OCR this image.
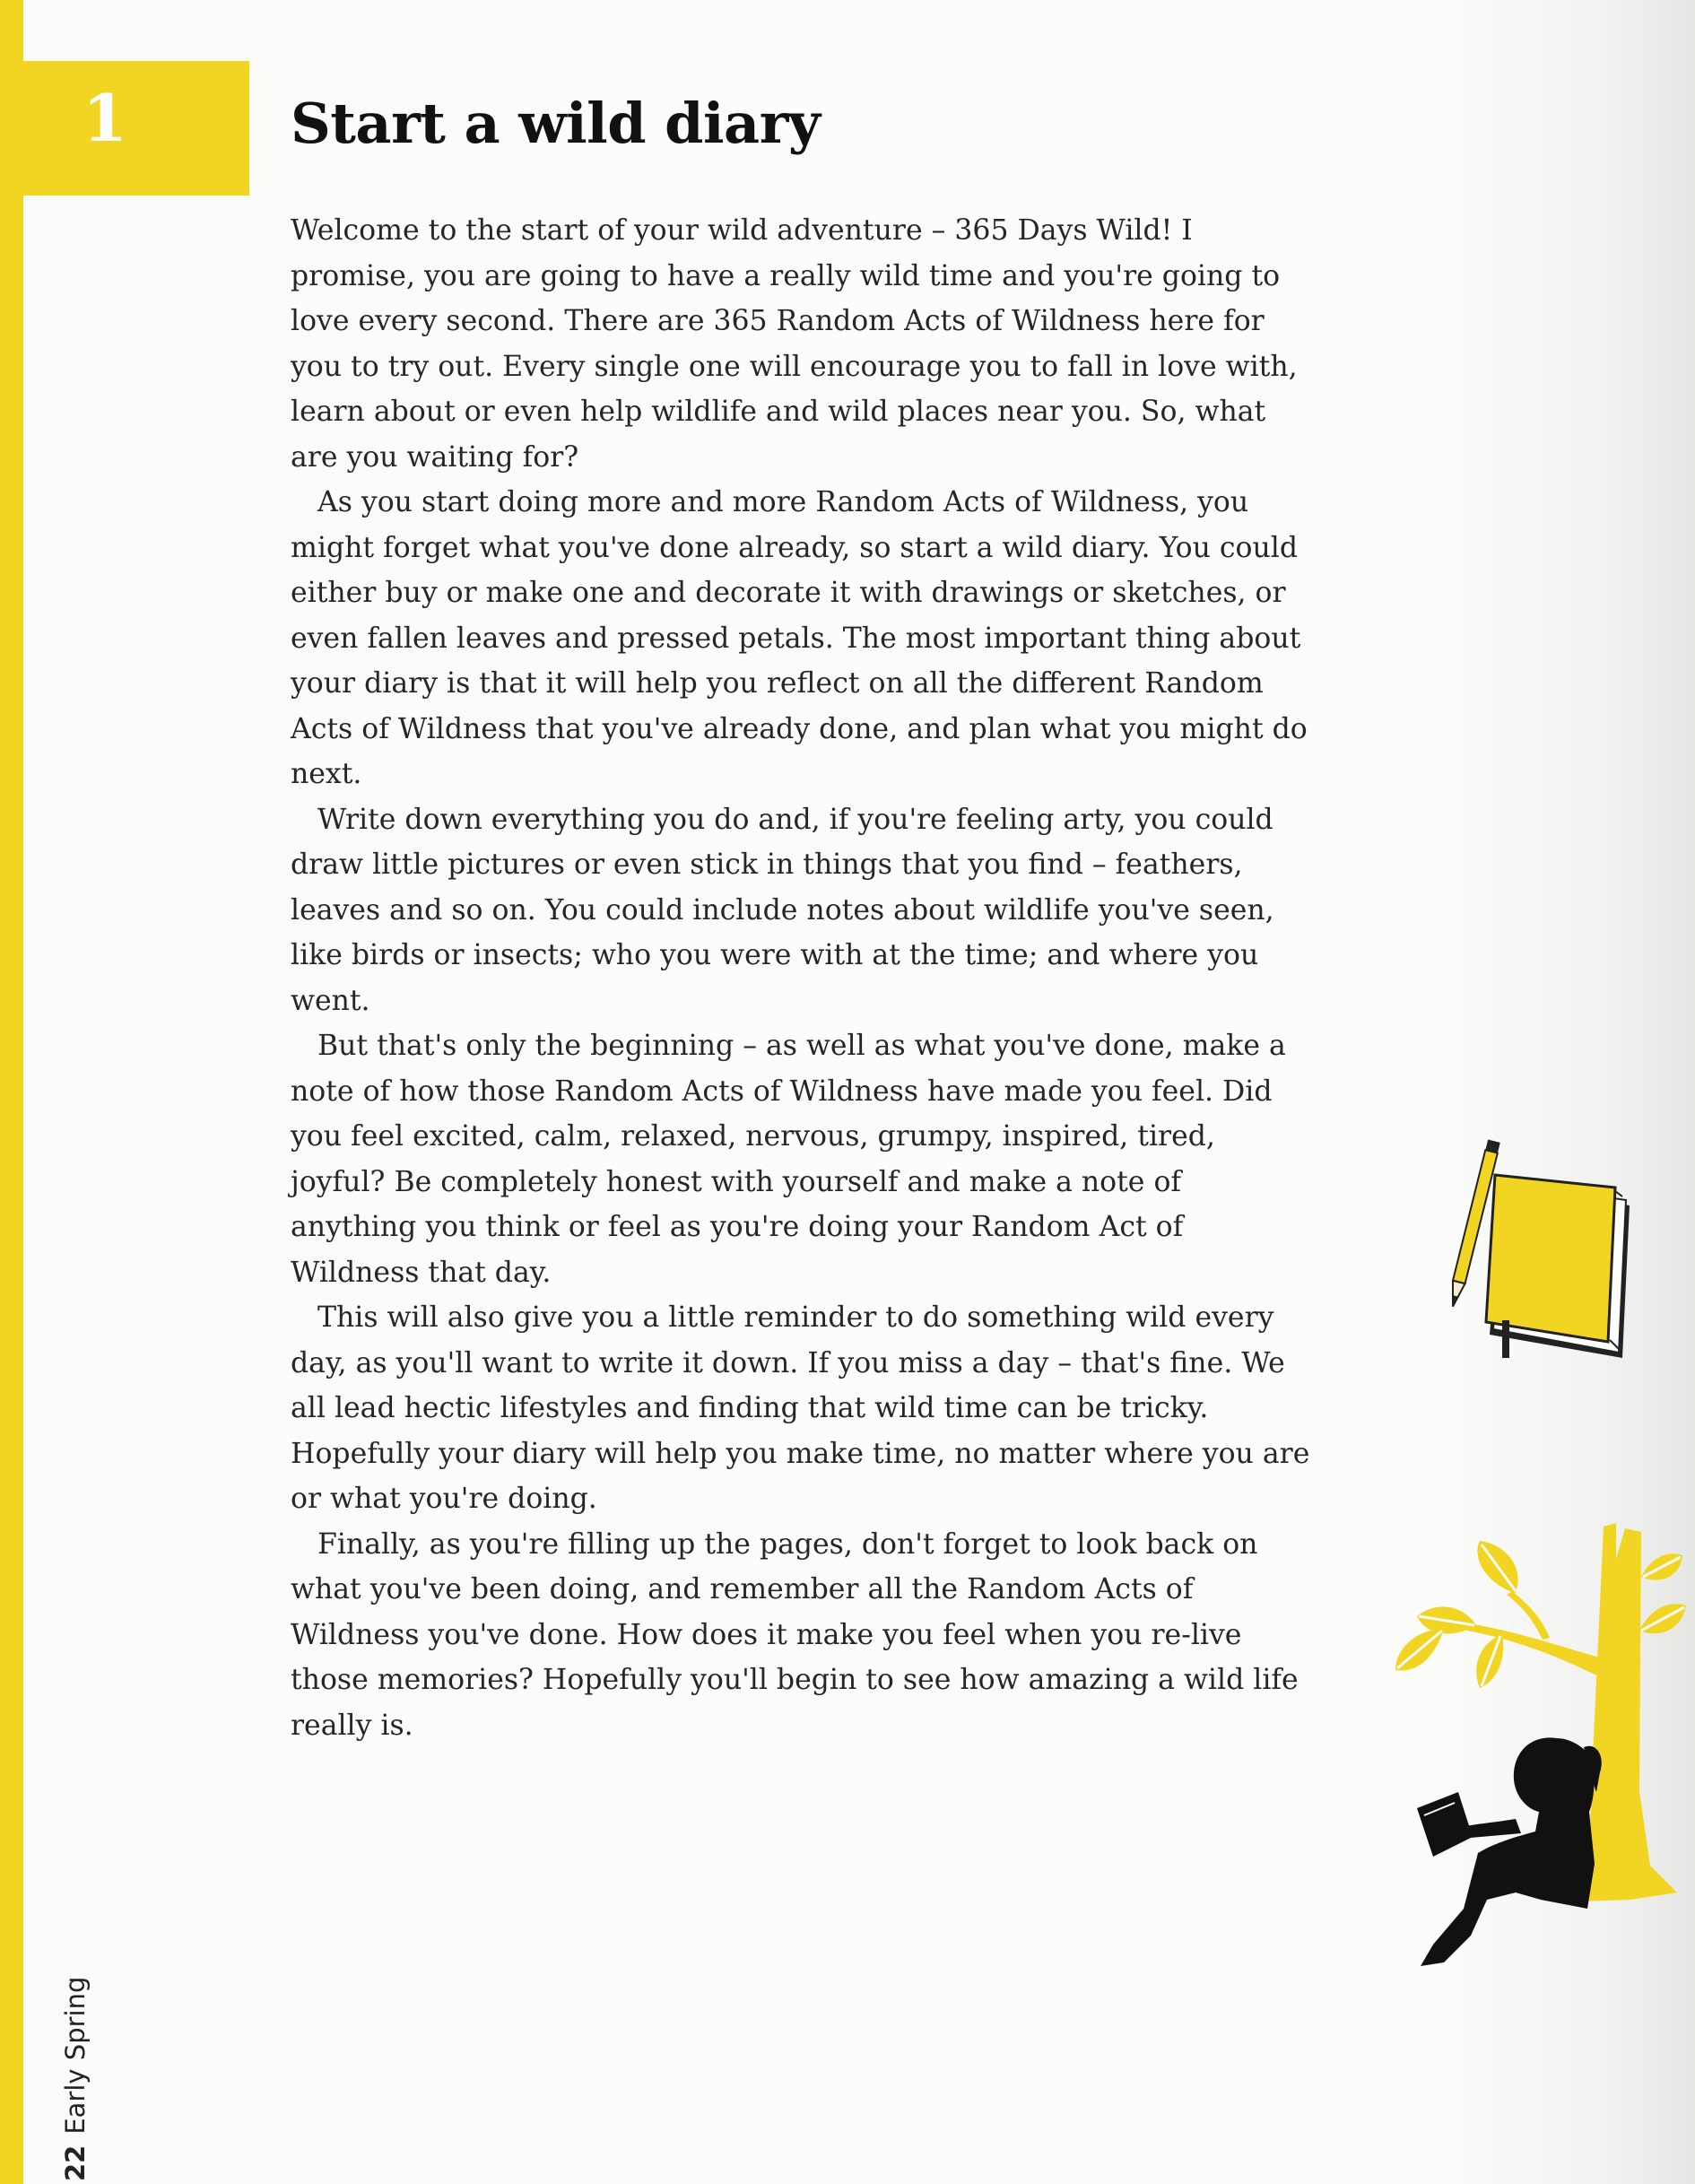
1	Start a wild diary

Welcome to the start of your wild adventure – 365 Days Wild! I promise, you are going to have a really wild time and you're going to love every second. There are 365 Random Acts of Wildness here for you to try out. Every single one will encourage you to fall in love with, learn about or even help wildlife and wild places near you. So, what are you waiting for?

As you start doing more and more Random Acts of Wildness, you might forget what you've done already, so start a wild diary. You could either buy or make one and decorate it with drawings or sketches, or even fallen leaves and pressed petals. The most important thing about your diary is that it will help you reflect on all the different Random Acts of Wildness that you've already done, and plan what you might do next.

Write down everything you do and, if you're feeling arty, you could draw little pictures or even stick in things that you find – feathers, leaves and so on. You could include notes about wildlife you've seen, like birds or insects; who you were with at the time; and where you went.

But that's only the beginning – as well as what you've done, make a note of how those Random Acts of Wildness have made you feel. Did you feel excited, calm, relaxed, nervous, grumpy, inspired, tired, joyful? Be completely honest with yourself and make a note of anything you think or feel as you're doing your Random Act of Wildness that day.

This will also give you a little reminder to do something wild every day, as you'll want to write it down. If you miss a day – that's fine. We all lead hectic lifestyles and finding that wild time can be tricky. Hopefully your diary will help you make time, no matter where you are or what you're doing.

Finally, as you're filling up the pages, don't forget to look back on what you've been doing, and remember all the Random Acts of Wildness you've done. How does it make you feel when you re-live those memories? Hopefully you'll begin to see how amazing a wild life really is.

22Early Spring
